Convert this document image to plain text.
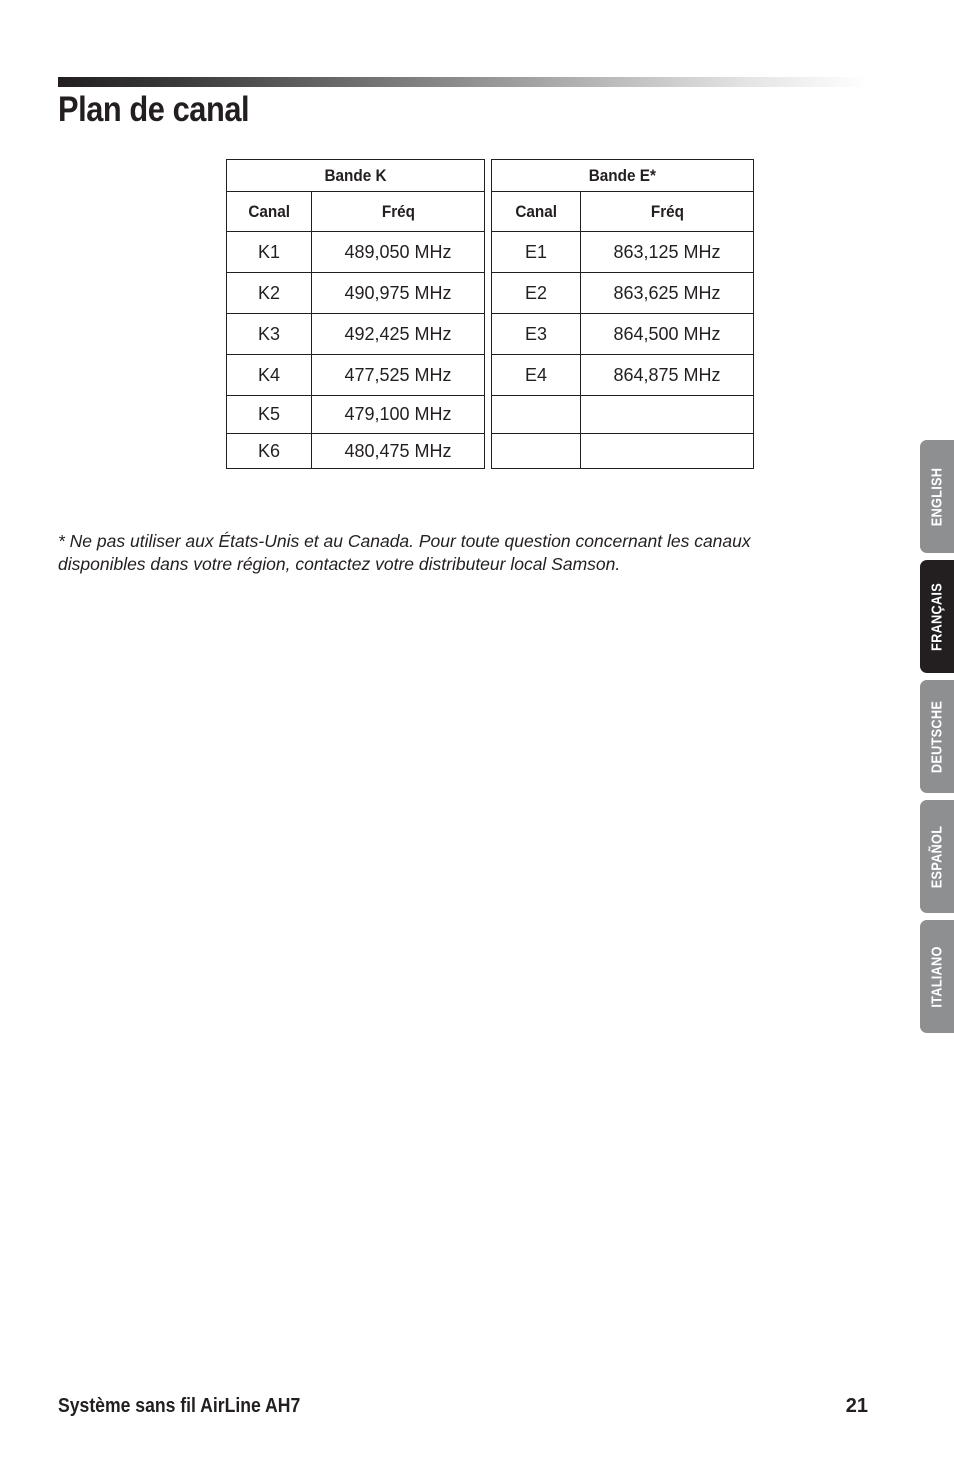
Plan de canal
Bande K	
Canal	Fréq
K1	489,050 MHz
K2	490,975 MHz
K3	492,425 MHz
K4	477,525 MHz
K5	479,100 MHz
K6	480,475 MHz
Bande E*	
Canal	Fréq
E1	863,125 MHz
E2	863,625 MHz
E3	864,500 MHz
E4	864,875 MHz

* Ne pas utiliser aux États-Unis et au Canada. Pour toute question concernant les canaux disponibles dans votre région, contactez votre distributeur local Samson.

ENGLISH
FRANÇAIS
DEUTSCHE
ESPAÑOL
ITALIANO
Système sans fil AirLine AH7	21
